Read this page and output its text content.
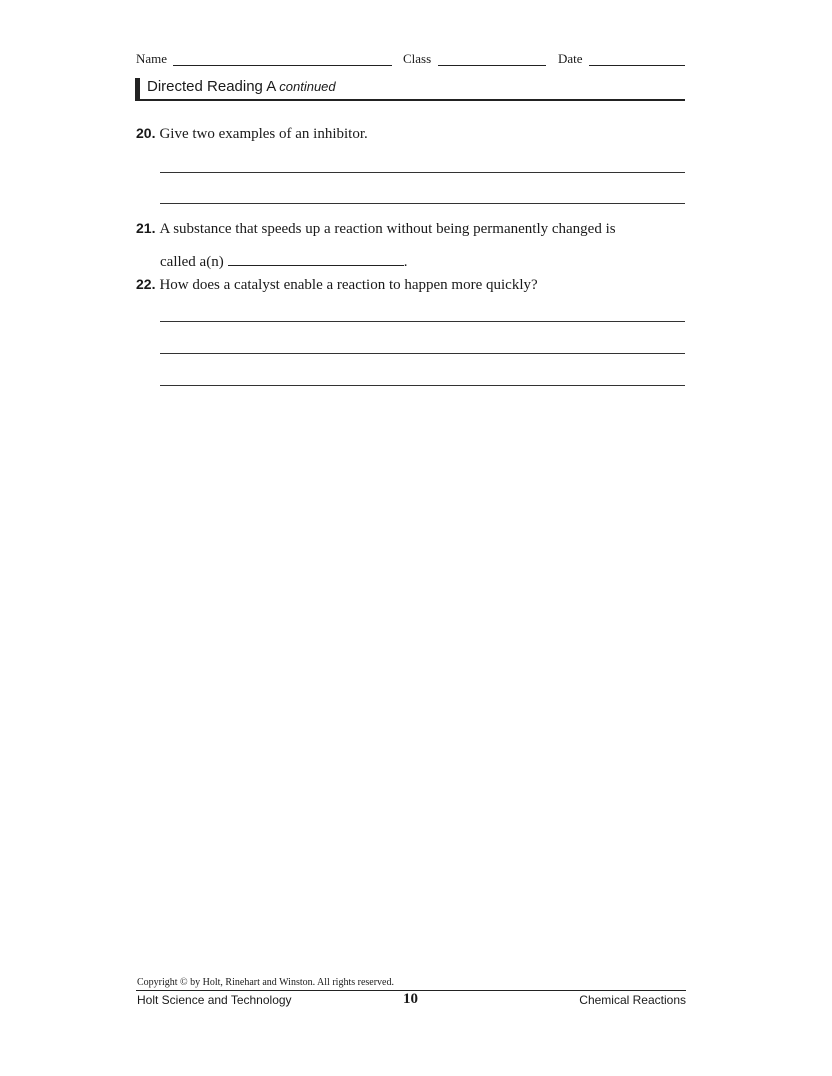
Name	Class	Date
Directed Reading A continued
20. Give two examples of an inhibitor.
21. A substance that speeds up a reaction without being permanently changed is
called a(n)	.
22. How does a catalyst enable a reaction to happen more quickly?
Copyright © by Holt, Rinehart and Winston. All rights reserved.
Holt Science and Technology	10	Chemical Reactions
